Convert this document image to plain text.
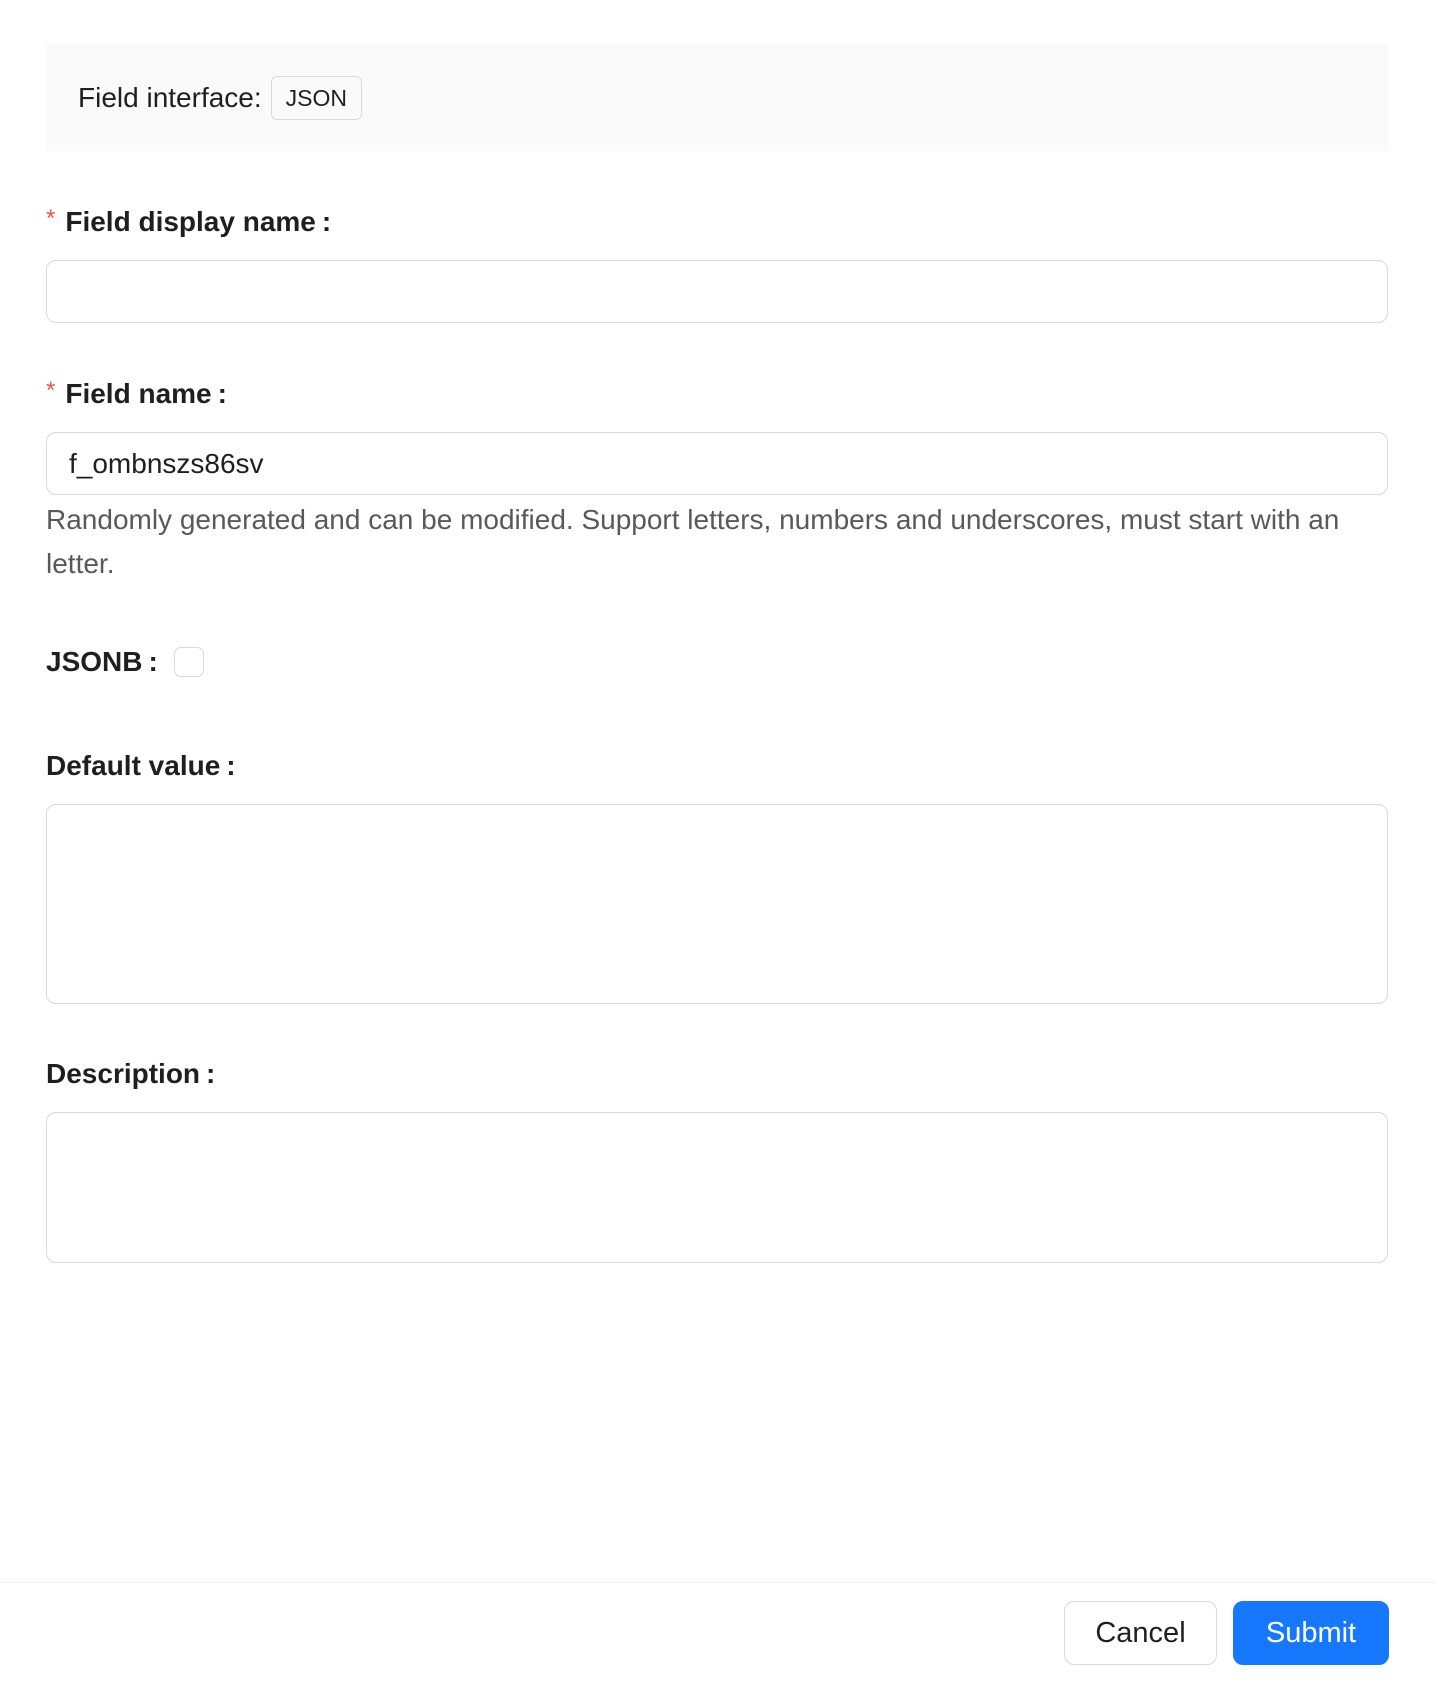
Field interface:	JSON
* Field display name :
* Field name :
f_ombnszs86sv
Randomly generated and can be modified. Support letters, numbers and underscores, must start with an letter.
JSONB :
Default value :
Description :
Cancel	Submit
